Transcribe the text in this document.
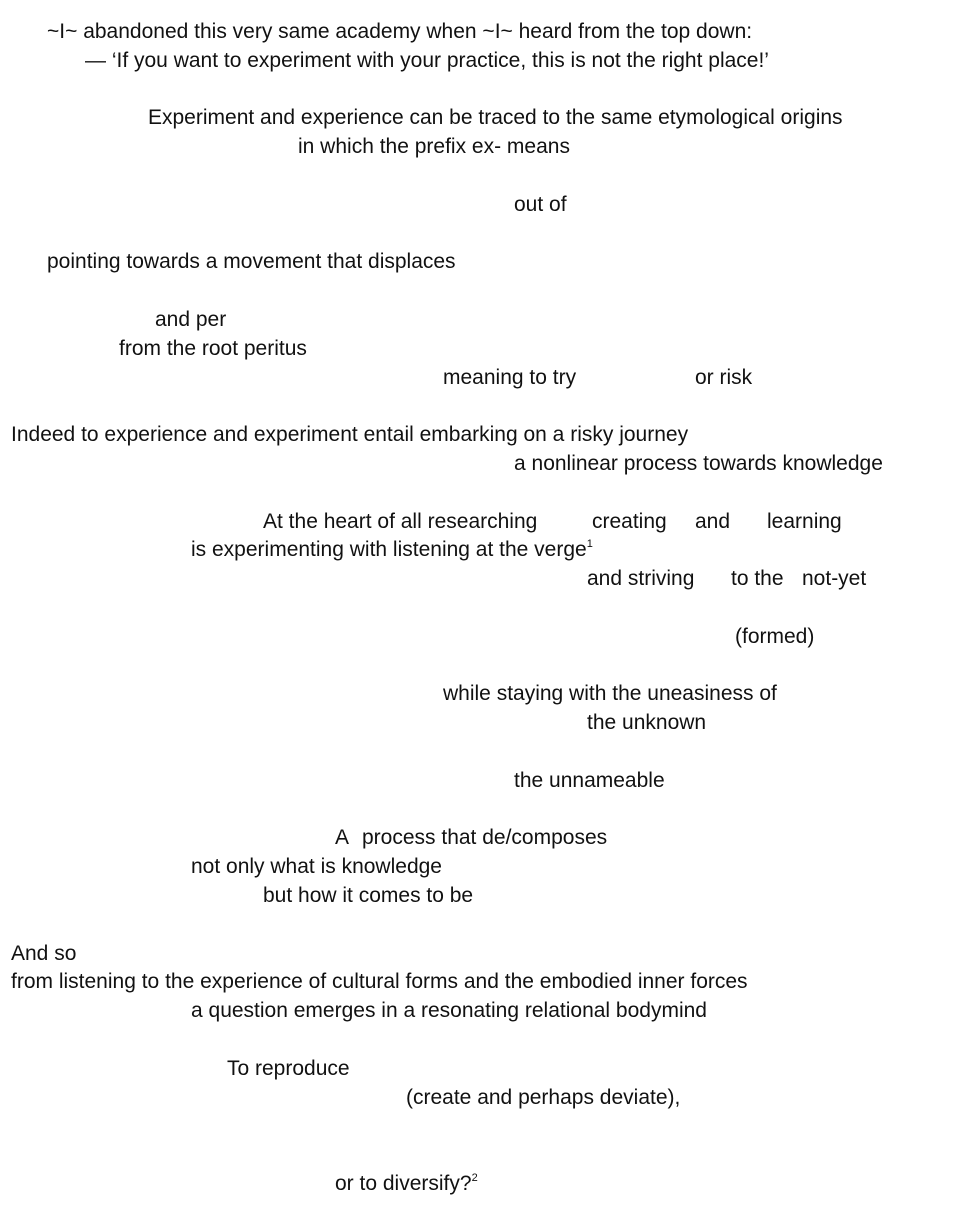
~I~ abandoned this very same academy when ~I~ heard from the top down:
— ‘If you want to experiment with your practice, this is not the right place!’
Experiment and experience can be traced to the same etymological origins
in which the prefix ex- means
out of
pointing towards a movement that displaces
and per
from the root peritus
meaning to try	or risk
Indeed to experience and experiment entail embarking on a risky journey
a nonlinear process towards knowledge
At the heart of all researching	creating and learning
is experimenting with listening at the verge$^1$
and striving to the not-yet
(formed)
while staying with the uneasiness of
the unknown
the unnameable
A process that de/composes
not only what is knowledge
but how it comes to be
And so
from listening to the experience of cultural forms and the embodied inner forces
a question emerges in a resonating relational bodymind
To reproduce
(create and perhaps deviate),
or to diversify?$^2$
